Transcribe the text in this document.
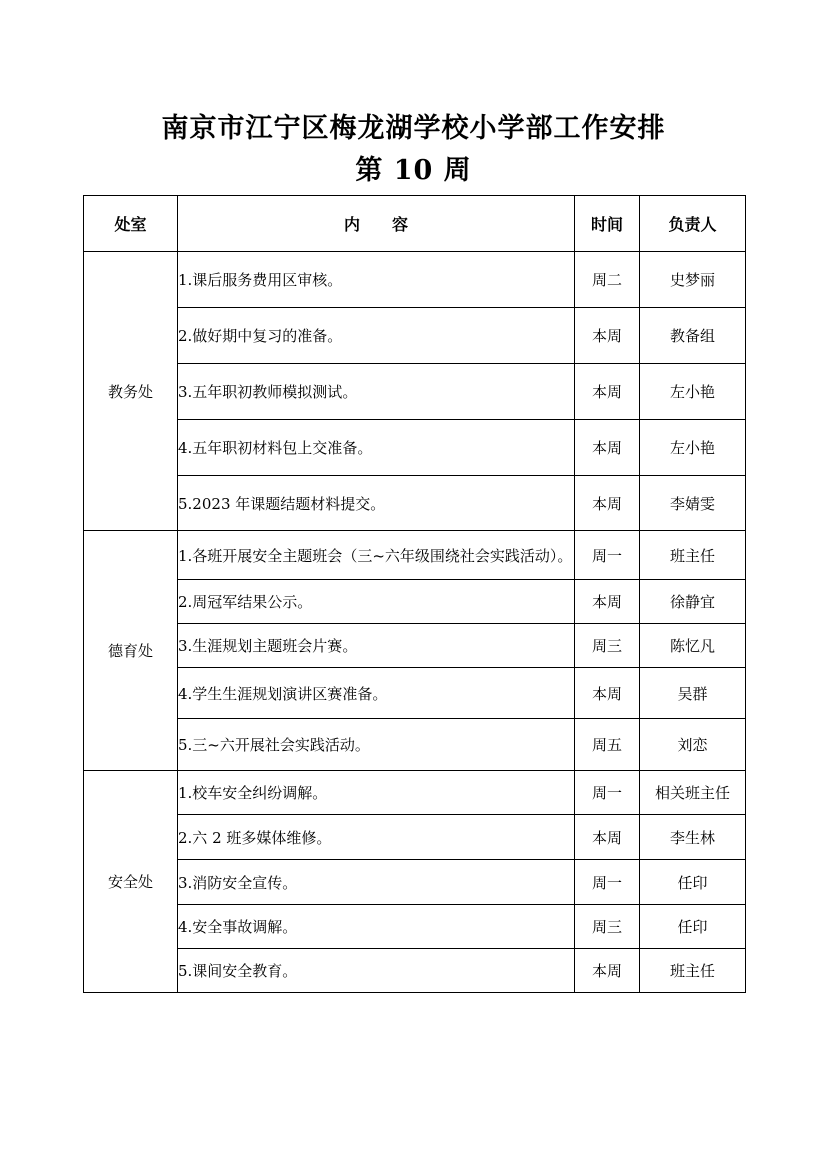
南京市江宁区梅龙湖学校小学部工作安排
第 10 周
处室	内　　容	时间	负责人
教务处	1.课后服务费用区审核。	周二	史梦丽
	2.做好期中复习的准备。	本周	教备组
	3.五年职初教师模拟测试。	本周	左小艳
	4.五年职初材料包上交准备。	本周	左小艳
	5.2023 年课题结题材料提交。	本周	李婧雯
德育处	1.各班开展安全主题班会（三~六年级围绕社会实践活动）。	周一	班主任
	2.周冠军结果公示。	本周	徐静宜
	3.生涯规划主题班会片赛。	周三	陈忆凡
	4.学生生涯规划演讲区赛准备。	本周	吴群
	5.三~六开展社会实践活动。	周五	刘恋
安全处	1.校车安全纠纷调解。	周一	相关班主任
	2.六 2 班多媒体维修。	本周	李生林
	3.消防安全宣传。	周一	任印
	4.安全事故调解。	周三	任印
	5.课间安全教育。	本周	班主任
